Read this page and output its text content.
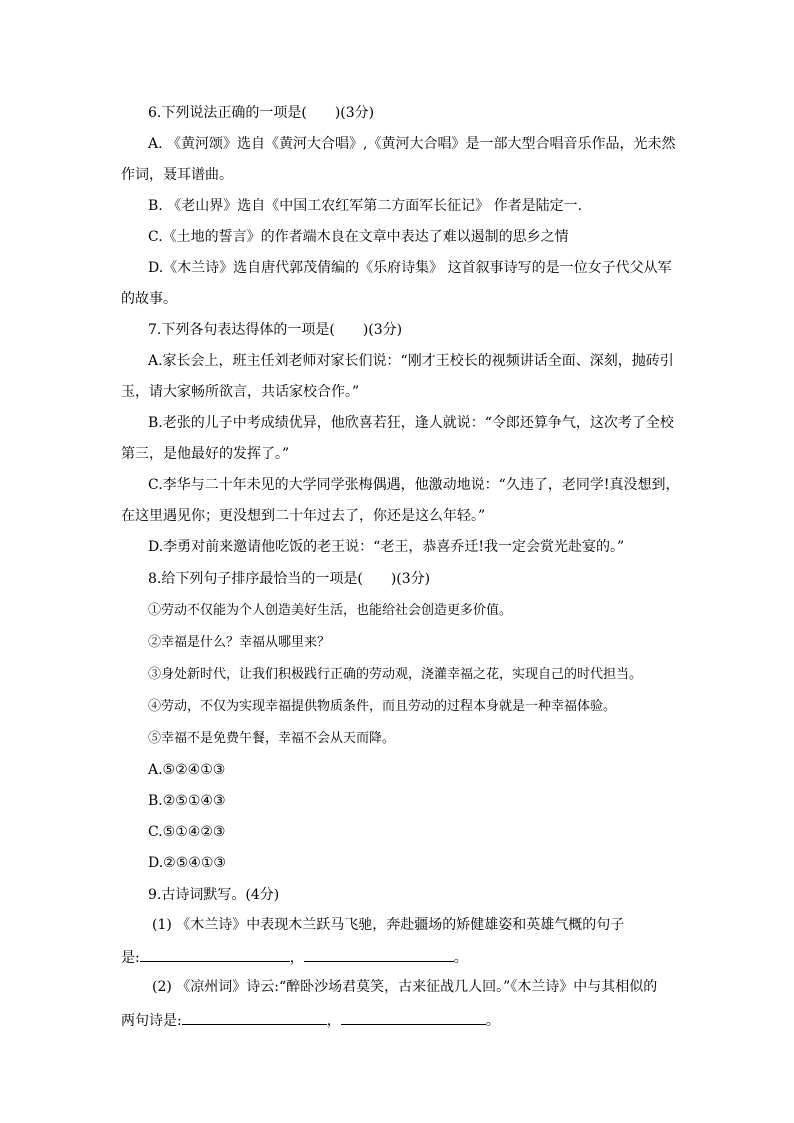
6.下列说法正确的一项是(　　)(3分)
A. 《黄河颂》选自《黄河大合唱》,《黄河大合唱》是一部大型合唱音乐作品，光未然
作词，聂耳谱曲。
B. 《老山界》选自《中国工农红军第二方面军长征记》 作者是陆定一.
C.《土地的誓言》的作者端木良在文章中表达了难以遏制的思乡之情
D.《木兰诗》选自唐代郭茂倩编的《乐府诗集》 这首叙事诗写的是一位女子代父从军
的故事。
7.下列各句表达得体的一项是(　　)(3分)
A.家长会上，班主任刘老师对家长们说：“刚才王校长的视频讲话全面、深刻，抛砖引
玉，请大家畅所欲言，共话家校合作。”
B.老张的儿子中考成绩优异，他欣喜若狂，逢人就说：“令郎还算争气，这次考了全校
第三，是他最好的发挥了。”
C.李华与二十年未见的大学同学张梅偶遇，他激动地说：“久违了，老同学!真没想到，
在这里遇见你；更没想到二十年过去了，你还是这么年轻。”
D.李勇对前来邀请他吃饭的老王说：“老王，恭喜乔迁!我一定会赏光赴宴的。”
8.给下列句子排序最恰当的一项是(　　)(3分)
①劳动不仅能为个人创造美好生活，也能给社会创造更多价值。
②幸福是什么？幸福从哪里来？
③身处新时代，让我们积极践行正确的劳动观，浇灌幸福之花，实现自己的时代担当。
④劳动，不仅为实现幸福提供物质条件，而且劳动的过程本身就是一种幸福体验。
⑤幸福不是免费午餐，幸福不会从天而降。
A.⑤②④①③
B.②⑤①④③
C.⑤①④②③
D.②⑤④①③
9.古诗词默写。(4分)
(1) 《木兰诗》中表现木兰跃马飞驰，奔赴疆场的矫健雄姿和英雄气概的句子
是:	，	。
(2) 《凉州词》诗云:“醉卧沙场君莫笑，古来征战几人回。”《木兰诗》中与其相似的
两句诗是:	，	。
